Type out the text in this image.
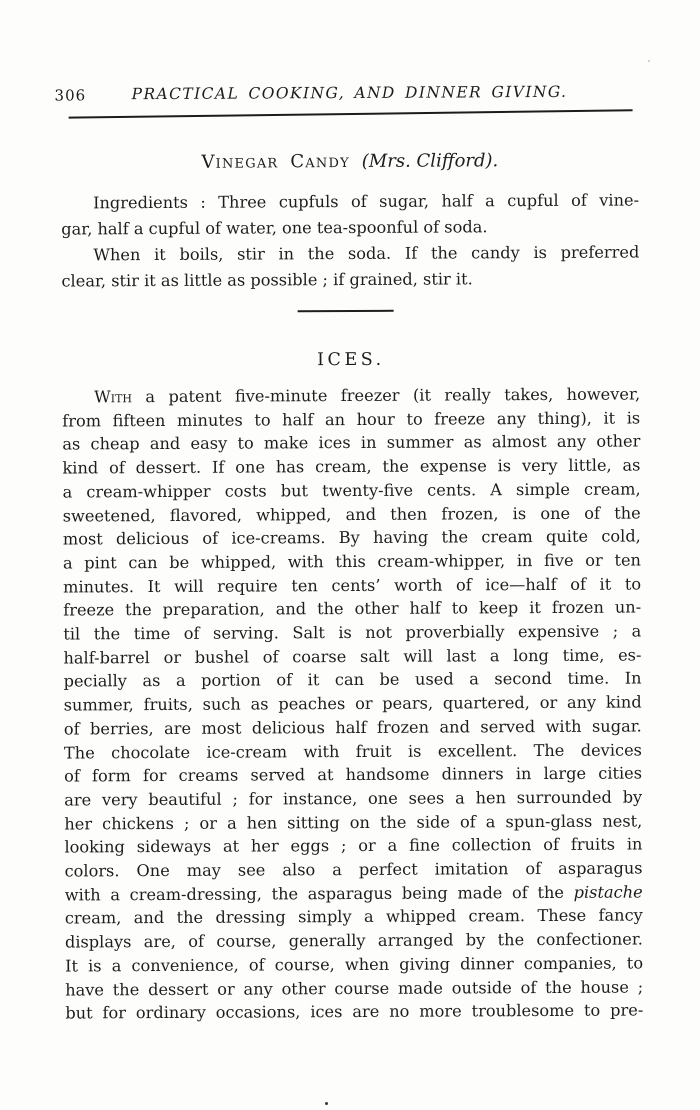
306	PRACTICAL COOKING, AND DINNER GIVING.
Vinegar Candy (Mrs. Clifford).
Ingredients : Three cupfuls of sugar, half a cupful of vine-
gar, half a cupful of water, one tea-spoonful of soda.
When it boils, stir in the soda. If the candy is preferred
clear, stir it as little as possible ; if grained, stir it.
ICES.
With a patent five-minute freezer (it really takes, however,
from fifteen minutes to half an hour to freeze any thing), it is
as cheap and easy to make ices in summer as almost any other
kind of dessert. If one has cream, the expense is very little, as
a cream-whipper costs but twenty-five cents. A simple cream,
sweetened, flavored, whipped, and then frozen, is one of the
most delicious of ice-creams. By having the cream quite cold,
a pint can be whipped, with this cream-whipper, in five or ten
minutes. It will require ten cents’ worth of ice—half of it to
freeze the preparation, and the other half to keep it frozen un-
til the time of serving. Salt is not proverbially expensive ; a
half-barrel or bushel of coarse salt will last a long time, es-
pecially as a portion of it can be used a second time. In
summer, fruits, such as peaches or pears, quartered, or any kind
of berries, are most delicious half frozen and served with sugar.
The chocolate ice-cream with fruit is excellent. The devices
of form for creams served at handsome dinners in large cities
are very beautiful ; for instance, one sees a hen surrounded by
her chickens ; or a hen sitting on the side of a spun-glass nest,
looking sideways at her eggs ; or a fine collection of fruits in
colors. One may see also a perfect imitation of asparagus
with a cream-dressing, the asparagus being made of the pistache
cream, and the dressing simply a whipped cream. These fancy
displays are, of course, generally arranged by the confectioner.
It is a convenience, of course, when giving dinner companies, to
have the dessert or any other course made outside of the house ;
but for ordinary occasions, ices are no more troublesome to pre-
